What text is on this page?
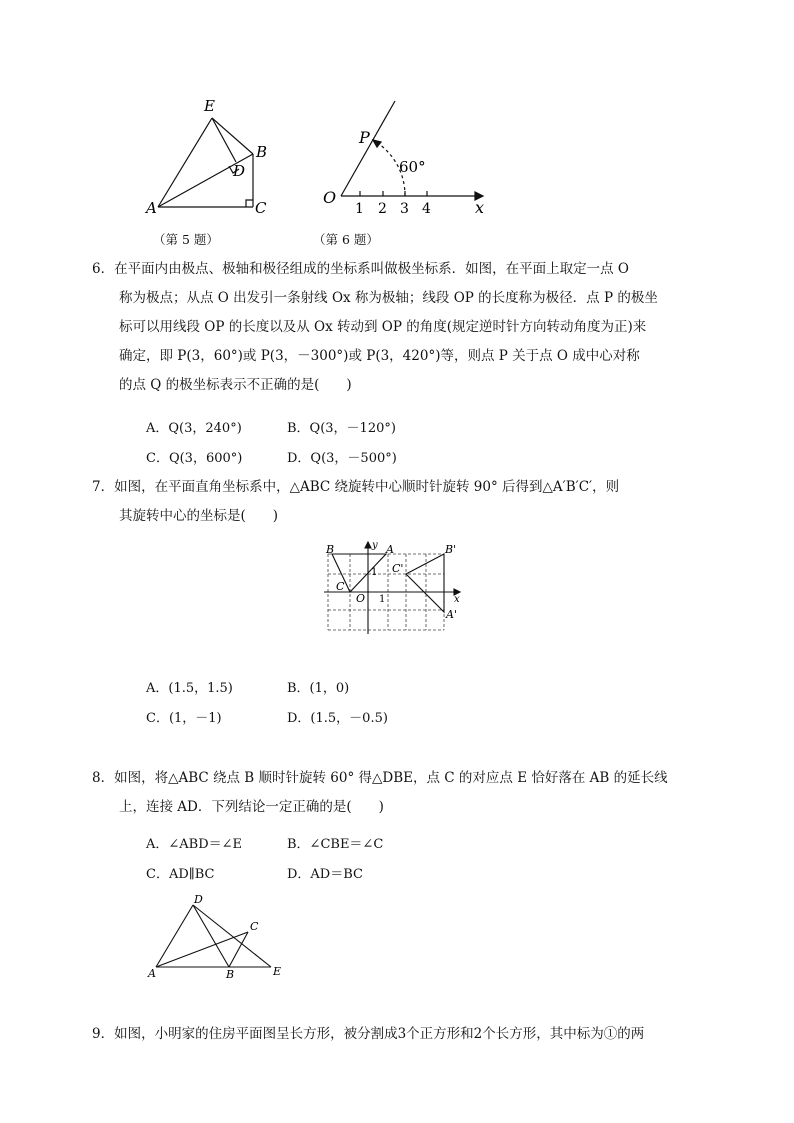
E
B
D
A	C
（第 5 题）
P
O
60°
x
1 2 3 4
（第 6 题）
6．在平面内由极点、极轴和极径组成的坐标系叫做极坐标系．如图，在平面上取定一点 O
称为极点；从点 O 出发引一条射线 Ox 称为极轴；线段 OP 的长度称为极径．点 P 的极坐
标可以用线段 OP 的长度以及从 Ox 转动到 OP 的角度(规定逆时针方向转动角度为正)来
确定，即 P(3，60°)或 P(3，－300°)或 P(3，420°)等，则点 P 关于点 O 成中心对称
的点 Q 的极坐标表示不正确的是(　　)
A．Q(3，240°)	B．Q(3，－120°)
C．Q(3，600°)	D．Q(3，－500°)
7．如图，在平面直角坐标系中，△ABC 绕旋转中心顺时针旋转 90° 后得到△A′B′C′，则
其旋转中心的坐标是(　　)
B	A
y	B'
C'
C
O 1
1
x
A'
A．(1.5，1.5)	B．(1，0)
C．(1，－1)	D．(1.5，－0.5)
8．如图，将△ABC 绕点 B 顺时针旋转 60° 得△DBE，点 C 的对应点 E 恰好落在 AB 的延长线
上，连接 AD．下列结论一定正确的是(　　)
A．∠ABD＝∠E	B．∠CBE＝∠C
C．AD∥BC	D．AD＝BC
D
C
A	B	E
9．如图，小明家的住房平面图呈长方形，被分割成3个正方形和2个长方形，其中标为①的两
